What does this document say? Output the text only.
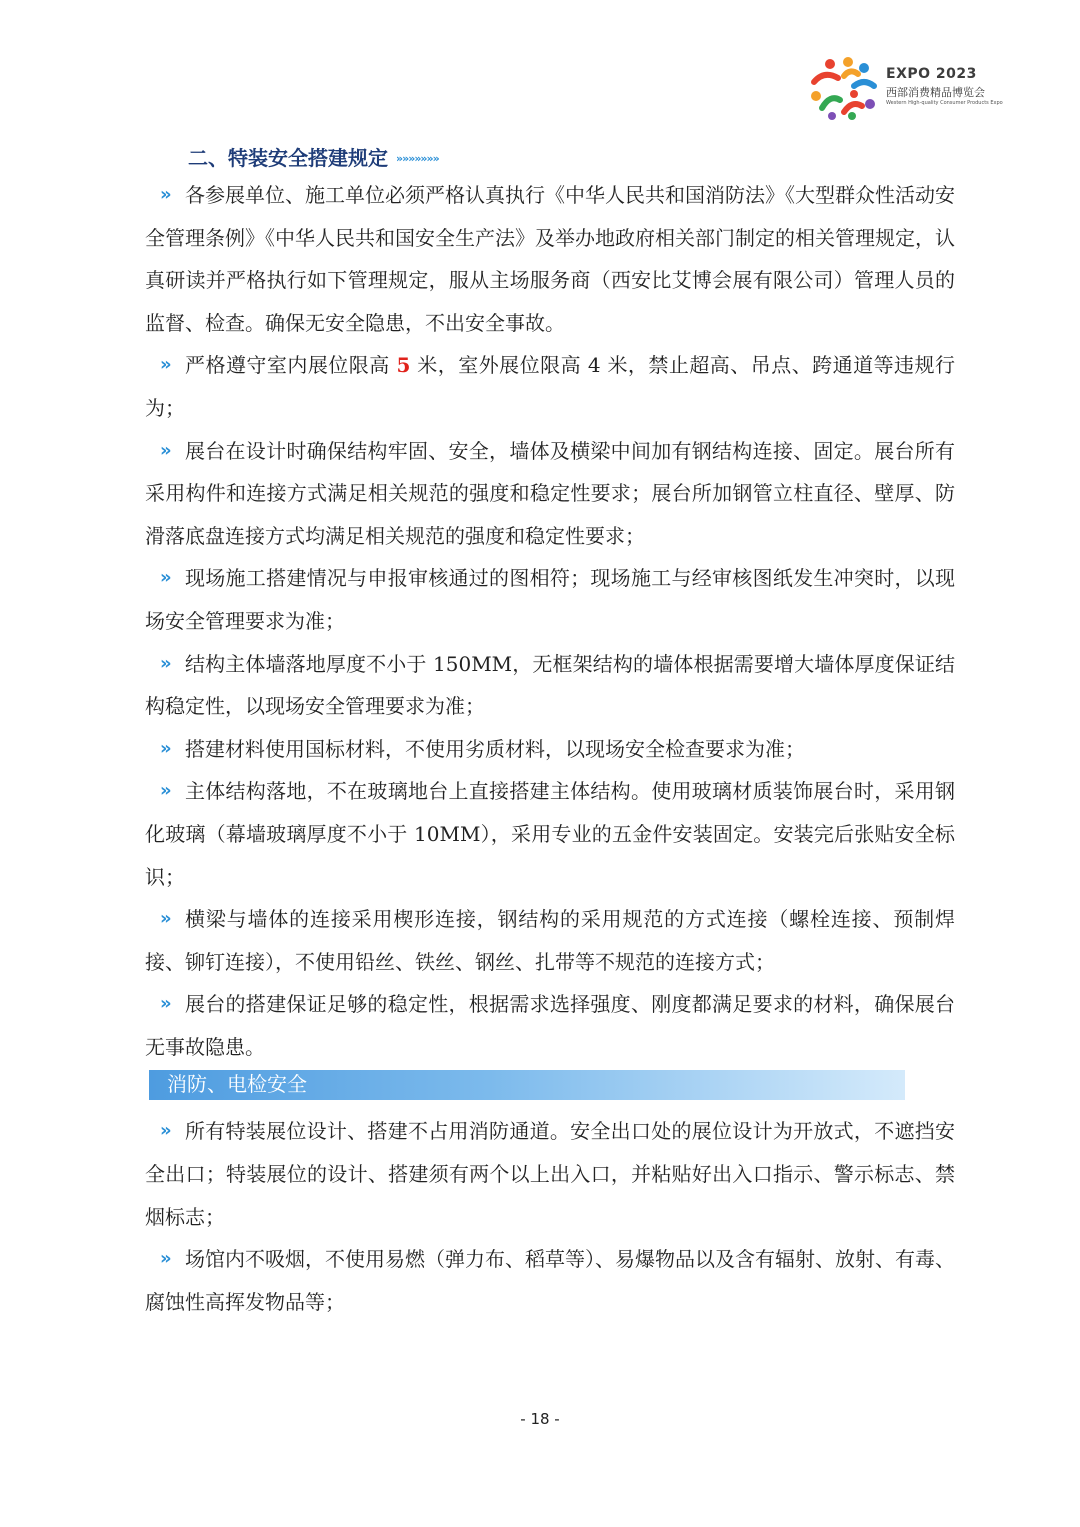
EXPO 2023
西部消费精品博览会
Western High-quality Consumer Products Expo
二、特装安全搭建规定 »»»»»»»

» 各参展单位、施工单位必须严格认真执行《中华人民共和国消防法》《大型群众性活动安全管理条例》《中华人民共和国安全生产法》及举办地政府相关部门制定的相关管理规定，认真研读并严格执行如下管理规定，服从主场服务商（西安比艾博会展有限公司）管理人员的监督、检查。确保无安全隐患，不出安全事故。

» 严格遵守室内展位限高 5 米，室外展位限高 4 米，禁止超高、吊点、跨通道等违规行为；

» 展台在设计时确保结构牢固、安全，墙体及横梁中间加有钢结构连接、固定。展台所有采用构件和连接方式满足相关规范的强度和稳定性要求；展台所加钢管立柱直径、壁厚、防滑落底盘连接方式均满足相关规范的强度和稳定性要求；

» 现场施工搭建情况与申报审核通过的图相符；现场施工与经审核图纸发生冲突时，以现场安全管理要求为准；

» 结构主体墙落地厚度不小于 150MM，无框架结构的墙体根据需要增大墙体厚度保证结构稳定性，以现场安全管理要求为准；

» 搭建材料使用国标材料，不使用劣质材料，以现场安全检查要求为准；

» 主体结构落地，不在玻璃地台上直接搭建主体结构。使用玻璃材质装饰展台时，采用钢化玻璃（幕墙玻璃厚度不小于 10MM），采用专业的五金件安装固定。安装完后张贴安全标识；

» 横梁与墙体的连接采用楔形连接，钢结构的采用规范的方式连接（螺栓连接、预制焊接、铆钉连接），不使用铅丝、铁丝、钢丝、扎带等不规范的连接方式；

» 展台的搭建保证足够的稳定性，根据需求选择强度、刚度都满足要求的材料，确保展台无事故隐患。

消防、电检安全

» 所有特装展位设计、搭建不占用消防通道。安全出口处的展位设计为开放式，不遮挡安全出口；特装展位的设计、搭建须有两个以上出入口，并粘贴好出入口指示、警示标志、禁烟标志；

» 场馆内不吸烟，不使用易燃（弹力布、稻草等）、易爆物品以及含有辐射、放射、有毒、腐蚀性高挥发物品等；

- 18 -
